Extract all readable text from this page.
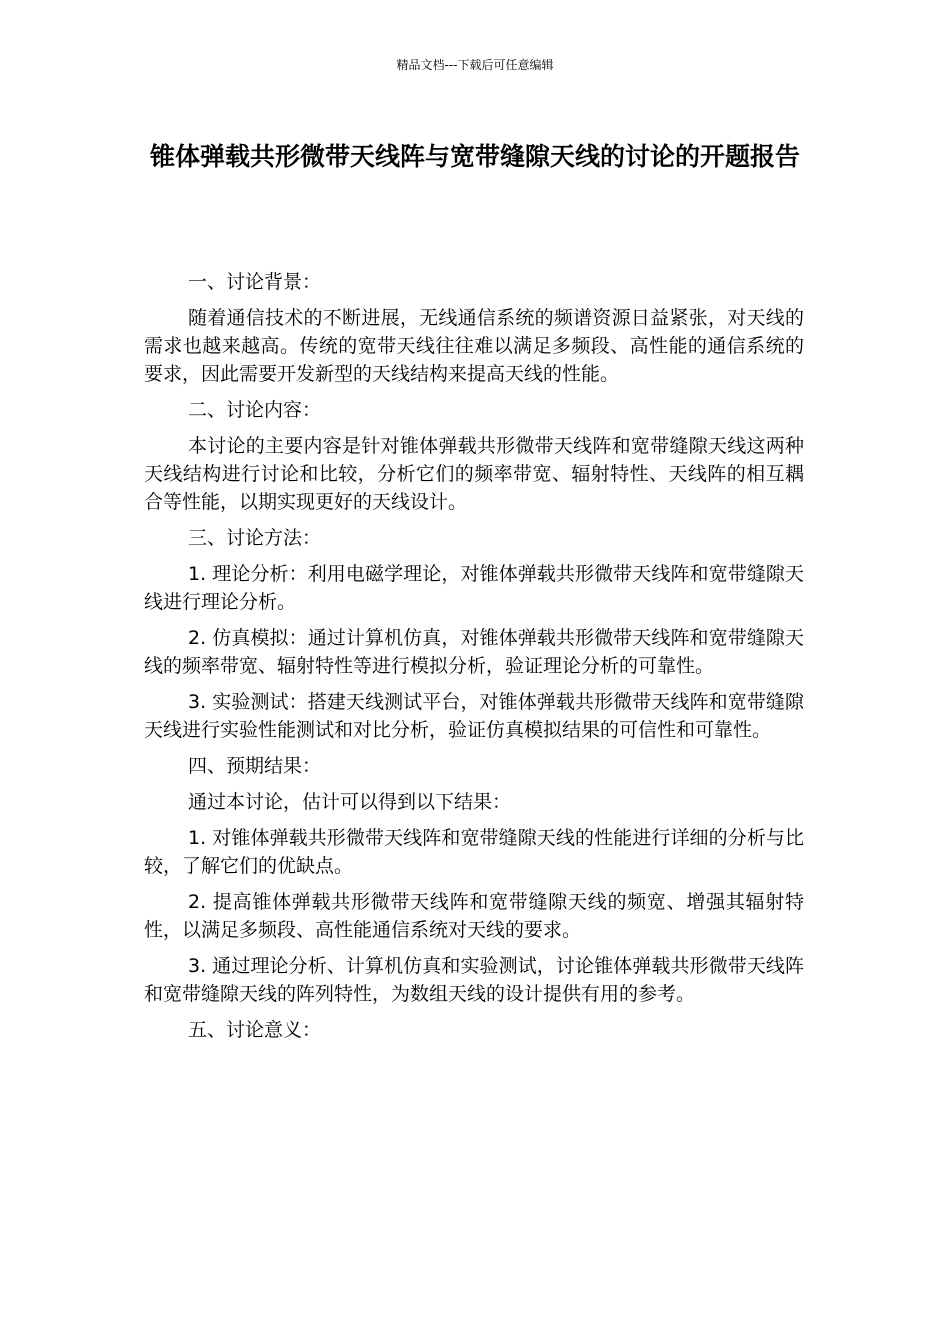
精品文档---下载后可任意编辑
锥体弹载共形微带天线阵与宽带缝隙天线的讨论的开题报告

一、讨论背景：

随着通信技术的不断进展，无线通信系统的频谱资源日益紧张，对天线的需求也越来越高。传统的宽带天线往往难以满足多频段、高性能的通信系统的要求，因此需要开发新型的天线结构来提高天线的性能。

二、讨论内容：

本讨论的主要内容是针对锥体弹载共形微带天线阵和宽带缝隙天线这两种天线结构进行讨论和比较，分析它们的频率带宽、辐射特性、天线阵的相互耦合等性能，以期实现更好的天线设计。

三、讨论方法：

1. 理论分析：利用电磁学理论，对锥体弹载共形微带天线阵和宽带缝隙天线进行理论分析。

2. 仿真模拟：通过计算机仿真，对锥体弹载共形微带天线阵和宽带缝隙天线的频率带宽、辐射特性等进行模拟分析，验证理论分析的可靠性。

3. 实验测试：搭建天线测试平台，对锥体弹载共形微带天线阵和宽带缝隙天线进行实验性能测试和对比分析，验证仿真模拟结果的可信性和可靠性。

四、预期结果：

通过本讨论，估计可以得到以下结果：

1. 对锥体弹载共形微带天线阵和宽带缝隙天线的性能进行详细的分析与比较，了解它们的优缺点。

2. 提高锥体弹载共形微带天线阵和宽带缝隙天线的频宽、增强其辐射特性，以满足多频段、高性能通信系统对天线的要求。

3. 通过理论分析、计算机仿真和实验测试，讨论锥体弹载共形微带天线阵和宽带缝隙天线的阵列特性，为数组天线的设计提供有用的参考。

五、讨论意义：
